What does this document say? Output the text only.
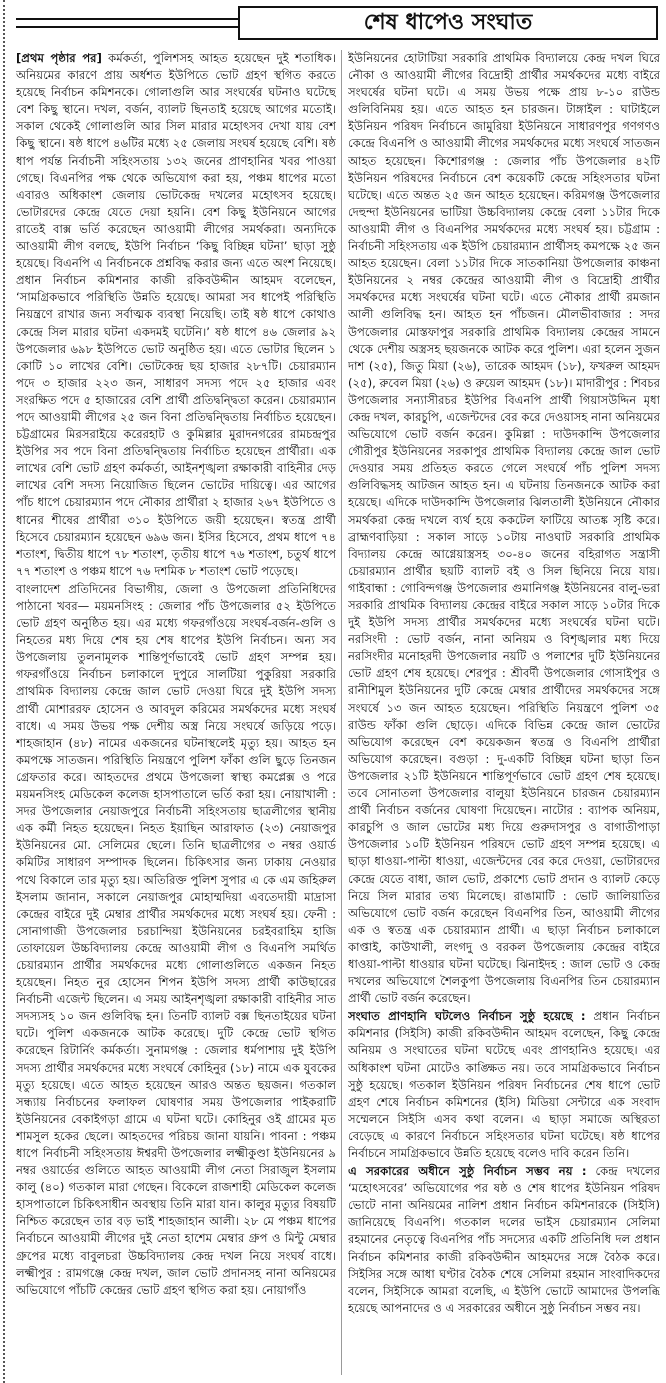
শেষ ধাপেও সংঘাত

[প্রথম পৃষ্ঠার পর] কর্মকর্তা, পুলিশসহ আহত হয়েছেন দুই শতাধিক। অনিয়মের কারণে প্রায় অর্ধশত ইউপিতে ভোট গ্রহণ স্থগিত করতে হয়েছে নির্বাচন কমিশনকে। গোলাগুলি আর সংঘর্ষের ঘটনাও ঘটেছে বেশ কিছু স্থানে। দখল, বর্জন, ব্যালট ছিনতাই হয়েছে আগের মতোই। সকাল থেকেই গোলাগুলি আর সিল মারার মহোৎসব দেখা যায় বেশ কিছু স্থানে। ষষ্ঠ ধাপে ৪৬টির মধ্যে ২৫ জেলায় সংঘর্ষ হয়েছে বেশি। ষষ্ঠ ধাপ পর্যন্ত নির্বাচনী সহিংসতায় ১৩২ জনের প্রাণহানির খবর পাওয়া গেছে। বিএনপির পক্ষ থেকে অভিযোগ করা হয়, পঞ্চম ধাপের মতো এবারও অধিকাংশ জেলায় ভোটকেন্দ্র দখলের মহোৎসব হয়েছে। ভোটারদের কেন্দ্রে যেতে দেয়া হয়নি। বেশ কিছু ইউনিয়নে আগের রাতেই বাক্স ভর্তি করেছেন আওয়ামী লীগের সমর্থকরা। অন্যদিকে আওয়ামী লীগ বলছে, ইউপি নির্বাচন ‘কিছু বিচ্ছিন্ন ঘটনা’ ছাড়া সুষ্ঠু হয়েছে। বিএনপি এ নির্বাচনকে প্রশ্নবিদ্ধ করার জন্য এতে অংশ নিয়েছে। প্রধান নির্বাচন কমিশনার কাজী রকিবউদ্দীন আহমদ বলেছেন, ‘সামগ্রিকভাবে পরিস্থিতি উন্নতি হয়েছে। আমরা সব ধাপেই পরিস্থিতি নিয়ন্ত্রণে রাখার জন্য সর্বাত্মক ব্যবস্থা নিয়েছি। তাই ষষ্ঠ ধাপে কোথাও কেন্দ্রে সিল মারার ঘটনা একদমই ঘটেনি।’ ষষ্ঠ ধাপে ৪৬ জেলার ৯২ উপজেলার ৬৯৮ ইউপিতে ভোট অনুষ্ঠিত হয়। এতে ভোটার ছিলেন ১ কোটি ১০ লাখের বেশি। ভোটকেন্দ্র ছয় হাজার ২৮৭টি। চেয়ারম্যান পদে ৩ হাজার ২২৩ জন, সাধারণ সদস্য পদে ২৫ হাজার এবং সংরক্ষিত পদে ৫ হাজারের বেশি প্রার্থী প্রতিদ্বন্দ্বিতা করেন। চেয়ারম্যান পদে আওয়ামী লীগের ২৫ জন বিনা প্রতিদ্বন্দ্বিতায় নির্বাচিত হয়েছেন। চট্টগ্রামের মিরসরাইয়ে করেরহাট ও কুমিল্লার মুরাদনগরের রামচন্দ্রপুর ইউপির সব পদে বিনা প্রতিদ্বন্দ্বিতায় নির্বাচিত হয়েছেন প্রার্থীরা। এক লাখের বেশি ভোট গ্রহণ কর্মকর্তা, আইনশৃঙ্খলা রক্ষাকারী বাহিনীর দেড় লাখের বেশি সদস্য নিয়োজিত ছিলেন ভোটের দায়িত্বে। এর আগের পাঁচ ধাপে চেয়ারম্যান পদে নৌকার প্রার্থীরা ২ হাজার ২৬৭ ইউপিতে ও ধানের শীষের প্রার্থীরা ৩১০ ইউপিতে জয়ী হয়েছেন। স্বতন্ত্র প্রার্থী হিসেবে চেয়ারম্যান হয়েছেন ৬৯৬ জন। ইসির হিসেবে, প্রথম ধাপে ৭৪ শতাংশ, দ্বিতীয় ধাপে ৭৮ শতাংশ, তৃতীয় ধাপে ৭৬ শতাংশ, চতুর্থ ধাপে ৭৭ শতাংশ ও পঞ্চম ধাপে ৭৬ দশমিক ৮ শতাংশ ভোট পড়েছে।

বাংলাদেশ প্রতিদিনের বিভাগীয়, জেলা ও উপজেলা প্রতিনিধিদের পাঠানো খবর— ময়মনসিংহ : জেলার পাঁচ উপজেলার ৫২ ইউপিতে ভোট গ্রহণ অনুষ্ঠিত হয়। এর মধ্যে গফরগাঁওয়ে সংঘর্ষ-বর্জন-গুলি ও নিহতের মধ্য দিয়ে শেষ হয় শেষ ধাপের ইউপি নির্বাচন। অন্য সব উপজেলায় তুলনামূলক শান্তিপূর্ণভাবেই ভোট গ্রহণ সম্পন্ন হয়। গফরগাঁওয়ে নির্বাচন চলাকালে দুপুরে সালটিয়া পুকুরিয়া সরকারি প্রাথমিক বিদ্যালয় কেন্দ্রে জাল ভোট দেওয়া ঘিরে দুই ইউপি সদস্য প্রার্থী মোশাররফ হোসেন ও আবদুল করিমের সমর্থকদের মধ্যে সংঘর্ষ বাধে। এ সময় উভয় পক্ষ দেশীয় অস্ত্র নিয়ে সংঘর্ষে জড়িয়ে পড়ে। শাহজাহান (৪৮) নামের একজনের ঘটনাস্থলেই মৃত্যু হয়। আহত হন কমপক্ষে সাতজন। পরিস্থিতি নিয়ন্ত্রণে পুলিশ ফাঁকা গুলি ছুড়ে তিনজন গ্রেফতার করে। আহতদের প্রথমে উপজেলা স্বাস্থ্য কমপ্লেক্স ও পরে ময়মনসিংহ মেডিকেল কলেজ হাসপাতালে ভর্তি করা হয়। নোয়াখালী : সদর উপজেলার নেয়াজপুরে নির্বাচনী সহিংসতায় ছাত্রলীগের স্থানীয় এক কর্মী নিহত হয়েছেন। নিহত ইয়াছিন আরাফাত (২৩) নেয়াজপুর ইউনিয়নের মো. সেলিমের ছেলে। তিনি ছাত্রলীগের ৩ নম্বর ওয়ার্ড কমিটির সাধারণ সম্পাদক ছিলেন। চিকিৎসার জন্য ঢাকায় নেওয়ার পথে বিকালে তার মৃত্যু হয়। অতিরিক্ত পুলিশ সুপার এ কে এম জহিরুল ইসলাম জানান, সকালে নেয়াজপুর মোহাম্মদিয়া এবতেদায়ী মাদ্রাসা কেন্দ্রের বাইরে দুই মেম্বার প্রার্থীর সমর্থকদের মধ্যে সংঘর্ষ হয়। ফেনী : সোনাগাজী উপজেলার চরচান্দিয়া ইউনিয়নের চরইবরাহিম হাজি তোফায়েল উচ্চবিদ্যালয় কেন্দ্রে আওয়ামী লীগ ও বিএনপি সমর্থিত চেয়ারম্যান প্রার্থীর সমর্থকদের মধ্যে গোলাগুলিতে একজন নিহত হয়েছেন। নিহত নুর হোসেন শিপন ইউপি সদস্য প্রার্থী কাউছারের নির্বাচনী এজেন্ট ছিলেন। এ সময় আইনশৃঙ্খলা রক্ষাকারী বাহিনীর সাত সদস্যসহ ১০ জন গুলিবিদ্ধ হন। তিনটি ব্যালট বক্স ছিনতাইয়ের ঘটনা ঘটে। পুলিশ একজনকে আটক করেছে। দুটি কেন্দ্রে ভোট স্থগিত করেছেন রিটার্নিং কর্মকর্তা। সুনামগঞ্জ : জেলার ধর্মপাশায় দুই ইউপি সদস্য প্রার্থীর সমর্থকদের মধ্যে সংঘর্ষে কোহিনুর (১৮) নামে এক যুবকের মৃত্যু হয়েছে। এতে আহত হয়েছেন আরও অন্তত ছয়জন। গতকাল সন্ধ্যায় নির্বাচনের ফলাফল ঘোষণার সময় উপজেলার পাইকরাটি ইউনিয়নের বেকাইগড়া গ্রামে এ ঘটনা ঘটে। কোহিনুর ওই গ্রামের মৃত শামসুল হকের ছেলে। আহতদের পরিচয় জানা যায়নি। পাবনা : পঞ্চম ধাপে নির্বাচনী সহিংসতায় ঈশ্বরদী উপজেলার লক্ষ্মীকুণ্ডা ইউনিয়নের ৯ নম্বর ওয়ার্ডের গুলিতে আহত আওয়ামী লীগ নেতা সিরাজুল ইসলাম কালু (৪০) গতকাল মারা গেছেন। বিকেলে রাজশাহী মেডিকেল কলেজ হাসপাতালে চিকিৎসাধীন অবস্থায় তিনি মারা যান। কালুর মৃত্যুর বিষয়টি নিশ্চিত করেছেন তার বড় ভাই শাহজাহান আলী। ২৮ মে পঞ্চম ধাপের নির্বাচনে আওয়ামী লীগের দুই নেতা হাশেম মেম্বার গ্রুপ ও মিন্টু মেম্বার গ্রুপের মধ্যে বাবুলচরা উচ্চবিদ্যালয় কেন্দ্র দখল নিয়ে সংঘর্ষ বাধে। লক্ষ্মীপুর : রামগঞ্জে কেন্দ্র দখল, জাল ভোট প্রদানসহ নানা অনিয়মের অভিযোগে পাঁচটি কেন্দ্রের ভোট গ্রহণ স্থগিত করা হয়। নোয়াগাঁও

ইউনিয়নের হোটাটিয়া সরকারি প্রাথমিক বিদ্যালয়ে কেন্দ্র দখল ঘিরে নৌকা ও আওয়ামী লীগের বিদ্রোহী প্রার্থীর সমর্থকদের মধ্যে বাইরে সংঘর্ষের ঘটনা ঘটে। এ সময় উভয় পক্ষে প্রায় ৮-১০ রাউন্ড গুলিবিনিময় হয়। এতে আহত হন চারজন। টাঙ্গাইল : ঘাটাইলে ইউনিয়ন পরিষদ নির্বাচনে জামুরিয়া ইউনিয়নে সাধারণপুর গণগণও কেন্দ্রে বিএনপি ও আওয়ামী লীগের সমর্থকদের মধ্যে সংঘর্ষে সাতজন আহত হয়েছেন। কিশোরগঞ্জ : জেলার পাঁচ উপজেলার ৪২টি ইউনিয়ন পরিষদের নির্বাচনে বেশ কয়েকটি কেন্দ্রে সহিংসতার ঘটনা ঘটেছে। এতে অন্তত ২৫ জন আহত হয়েছেন। করিমগঞ্জ উপজেলার দেহুন্দা ইউনিয়নের ভাটিয়া উচ্চবিদ্যালয় কেন্দ্রে বেলা ১১টার দিকে আওয়ামী লীগ ও বিএনপির সমর্থকদের মধ্যে সংঘর্ষ হয়। চট্টগ্রাম : নির্বাচনী সহিংসতায় এক ইউপি চেয়ারম্যান প্রার্থীসহ কমপক্ষে ২৫ জন আহত হয়েছেন। বেলা ১১টার দিকে সাতকানিয়া উপজেলার কাঞ্চনা ইউনিয়নের ২ নম্বর কেন্দ্রের আওয়ামী লীগ ও বিদ্রোহী প্রার্থীর সমর্থকদের মধ্যে সংঘর্ষের ঘটনা ঘটে। এতে নৌকার প্রার্থী রমজান আলী গুলিবিদ্ধ হন। আহত হন পাঁচজন। মৌলভীবাজার : সদর উপজেলার মোস্তফাপুর সরকারি প্রাথমিক বিদ্যালয় কেন্দ্রের সামনে থেকে দেশীয় অস্ত্রসহ ছয়জনকে আটক করে পুলিশ। এরা হলেন সুজন দাশ (২৫), জিতু মিয়া (২৬), তারেক আহমদ (১৮), ফখরুল আহমদ (২৫), রুবেল মিয়া (২৬) ও রুয়েল আহমদ (১৮)। মাদারীপুর : শিবচর উপজেলার সন্যাসীরচর ইউপির বিএনপি প্রার্থী গিয়াসউদ্দিন মৃধা কেন্দ্র দখল, কারচুপি, এজেন্টদের বের করে দেওয়াসহ নানা অনিয়মের অভিযোগে ভোট বর্জন করেন। কুমিল্লা : দাউদকান্দি উপজেলার গৌরীপুর ইউনিয়নের সরকাপুর প্রাথমিক বিদ্যালয় কেন্দ্রে জাল ভোট দেওয়ার সময় প্রতিহত করতে গেলে সংঘর্ষে পাঁচ পুলিশ সদস্য গুলিবিদ্ধসহ আটজন আহত হন। এ ঘটনায় তিনজনকে আটক করা হয়েছে। এদিকে দাউদকান্দি উপজেলার ঝিলতালী ইউনিয়নে নৌকার সমর্থকরা কেন্দ্র দখলে ব্যর্থ হয়ে ককটেল ফাটিয়ে আতঙ্ক সৃষ্টি করে। ব্রাহ্মণবাড়িয়া : সকাল সাড়ে ১০টায় নাওঘাট সরকারি প্রাথমিক বিদ্যালয় কেন্দ্রে আগ্নেয়াস্ত্রসহ ৩০-৪০ জনের বহিরাগত সন্ত্রাসী চেয়ারম্যান প্রার্থীর ছয়টি ব্যালট বই ও সিল ছিনিয়ে নিয়ে যায়। গাইবান্ধা : গোবিন্দগঞ্জ উপজেলার গুমানিগঞ্জ ইউনিয়নের বালু-ভরা সরকারি প্রাথমিক বিদ্যালয় কেন্দ্রের বাইরে সকাল সাড়ে ১০টার দিকে দুই ইউপি সদস্য প্রার্থীর সমর্থকদের মধ্যে সংঘর্ষের ঘটনা ঘটে। নরসিংদী : ভোট বর্জন, নানা অনিয়ম ও বিশৃঙ্খলার মধ্য দিয়ে নরসিংদীর মনোহরদী উপজেলার নয়টি ও পলাশের দুটি ইউনিয়নের ভোট গ্রহণ শেষ হয়েছে। শেরপুর : শ্রীবর্দী উপজেলার গোসাইপুর ও রানীশিমুল ইউনিয়নের দুটি কেন্দ্রে মেম্বার প্রার্থীদের সমর্থকদের সঙ্গে সংঘর্ষে ১৩ জন আহত হয়েছেন। পরিস্থিতি নিয়ন্ত্রণে পুলিশ ৩৫ রাউন্ড ফাঁকা গুলি ছোড়ে। এদিকে বিভিন্ন কেন্দ্রে জাল ভোটের অভিযোগ করেছেন বেশ কয়েকজন স্বতন্ত্র ও বিএনপি প্রার্থীরা অভিযোগ করেছেন। বগুড়া : দু-একটি বিচ্ছিন্ন ঘটনা ছাড়া তিন উপজেলার ২১টি ইউনিয়নে শান্তিপূর্ণভাবে ভোট গ্রহণ শেষ হয়েছে। তবে সোনাতলা উপজেলার বালুয়া ইউনিয়নে চারজন চেয়ারম্যান প্রার্থী নির্বাচন বর্জনের ঘোষণা দিয়েছেন। নাটোর : ব্যাপক অনিয়ম, কারচুপি ও জাল ভোটের মধ্য দিয়ে গুরুদাসপুর ও বাগাতীপাড়া উপজেলার ১০টি ইউনিয়ন পরিষদে ভোট গ্রহণ সম্পন্ন হয়েছে। এ ছাড়া ধাওয়া-পাল্টা ধাওয়া, এজেন্টদের বের করে দেওয়া, ভোটারদের কেন্দ্রে যেতে বাধা, জাল ভোট, প্রকাশ্যে ভোট প্রদান ও ব্যালট কেড়ে নিয়ে সিল মারার তথ্য মিলেছে। রাঙামাটি : ভোট জালিয়াতির অভিযোগে ভোট বর্জন করেছেন বিএনপির তিন, আওয়ামী লীগের এক ও স্বতন্ত্র এক চেয়ারম্যান প্রার্থী। এ ছাড়া নির্বাচন চলাকালে কাপ্তাই, কাউখালী, লংগদু ও বরকল উপজেলায় কেন্দ্রের বাইরে ধাওয়া-পাল্টা ধাওয়ার ঘটনা ঘটেছে। ঝিনাইদহ : জাল ভোট ও কেন্দ্র দখলের অভিযোগে শৈলকুপা উপজেলায় বিএনপির তিন চেয়ারম্যান প্রার্থী ভোট বর্জন করেছেন।

সংঘাত প্রাণহানি ঘটলেও নির্বাচন সুষ্ঠু হয়েছে : প্রধান নির্বাচন কমিশনার (সিইসি) কাজী রকিবউদ্দীন আহমদ বলেছেন, কিছু কেন্দ্রে অনিয়ম ও সংঘাতের ঘটনা ঘটেছে এবং প্রাণহানিও হয়েছে। এর অধিকাংশ ঘটনা মোটেও কাঙ্ক্ষিত নয়। তবে সামগ্রিকভাবে নির্বাচন সুষ্ঠু হয়েছে। গতকাল ইউনিয়ন পরিষদ নির্বাচনের শেষ ধাপে ভোট গ্রহণ শেষে নির্বাচন কমিশনের (ইসি) মিডিয়া সেন্টারে এক সংবাদ সম্মেলনে সিইসি এসব কথা বলেন। এ ছাড়া সমাজে অস্থিরতা বেড়েছে এ কারণে নির্বাচনে সহিংসতার ঘটনা ঘটেছে। ষষ্ঠ ধাপের নির্বাচনে সামগ্রিকভাবে উন্নতি হয়েছে বলেও দাবি করেন তিনি।

এ সরকারের অধীনে সুষ্ঠু নির্বাচন সম্ভব নয় : কেন্দ্র দখলের ‘মহোৎসবের’ অভিযোগের পর ষষ্ঠ ও শেষ ধাপের ইউনিয়ন পরিষদ ভোটে নানা অনিয়মের নালিশ প্রধান নির্বাচন কমিশনারকে (সিইসি) জানিয়েছে বিএনপি। গতকাল দলের ভাইস চেয়ারম্যান সেলিমা রহমানের নেতৃত্বে বিএনপির পাঁচ সদস্যের একটি প্রতিনিধি দল প্রধান নির্বাচন কমিশনার কাজী রকিবউদ্দীন আহমদের সঙ্গে বৈঠক করে। সিইসির সঙ্গে আধা ঘণ্টার বৈঠক শেষে সেলিমা রহমান সাংবাদিকদের বলেন, সিইসিকে আমরা বলেছি, এ ইউপি ভোটে আমাদের উপলব্ধি হয়েছে আপনাদের ও এ সরকারের অধীনে সুষ্ঠু নির্বাচন সম্ভব নয়।
